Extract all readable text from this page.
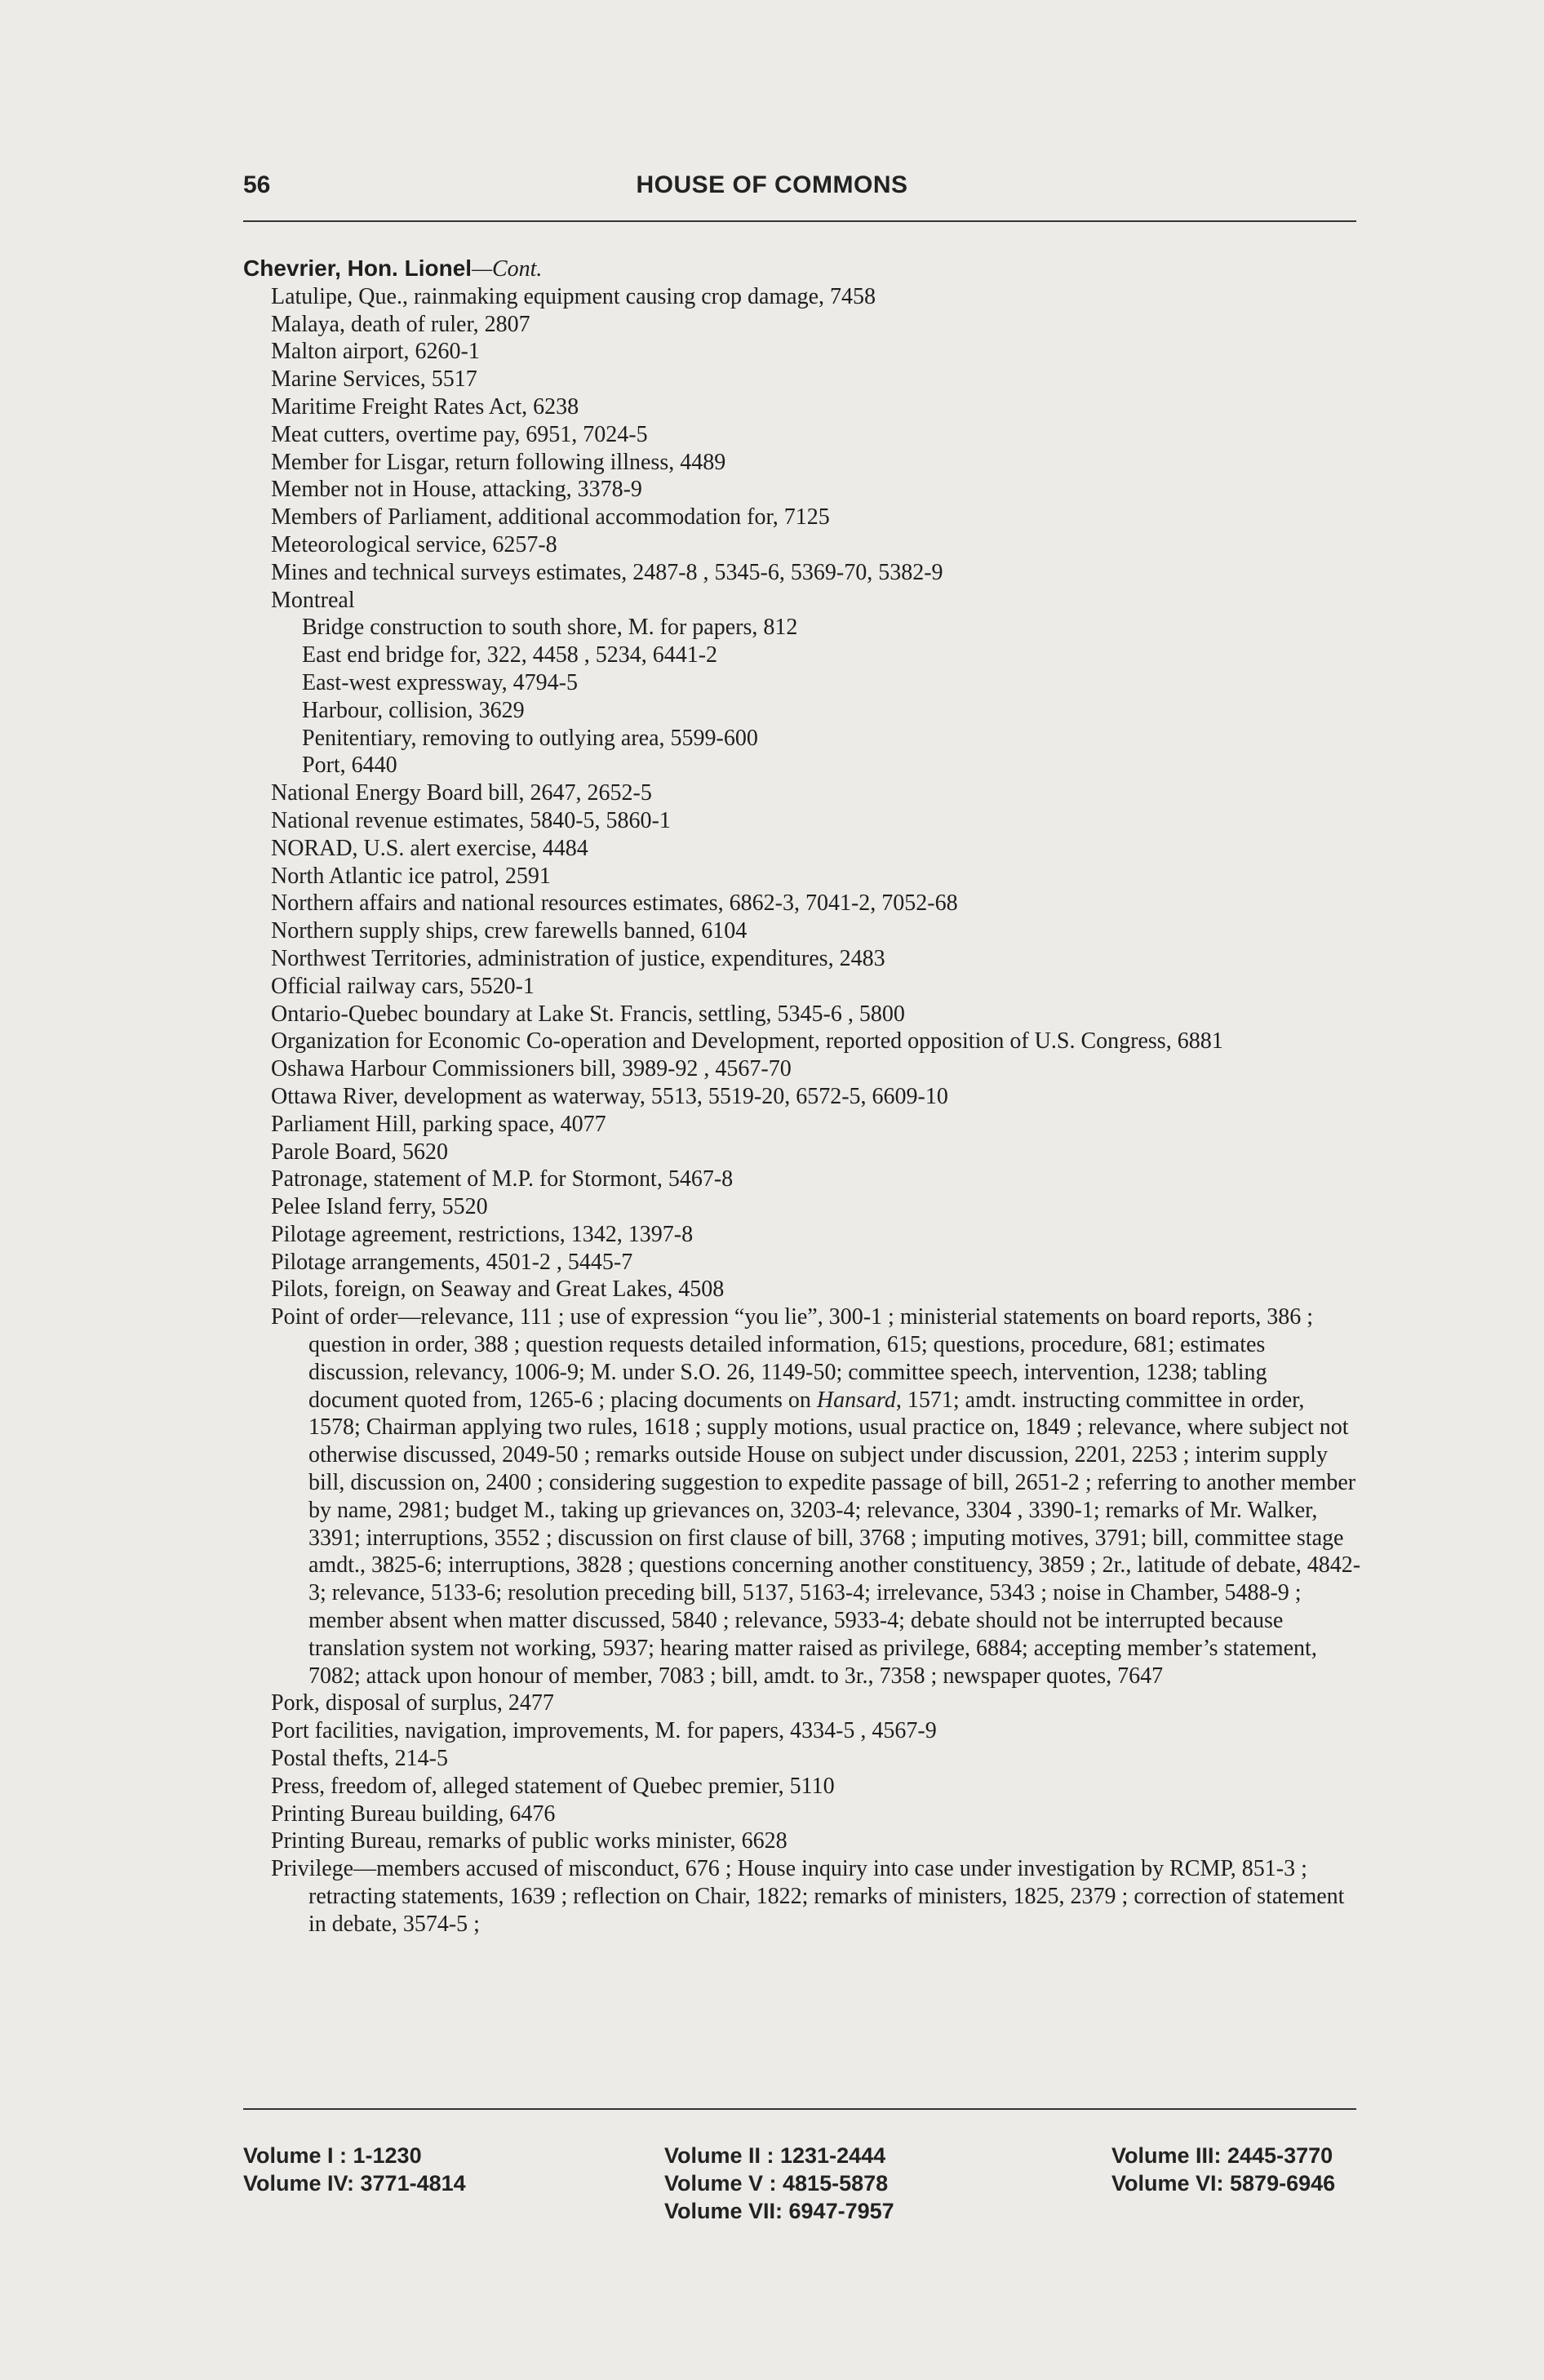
56	HOUSE OF COMMONS

Chevrier, Hon. Lionel—Cont.

Latulipe, Que., rainmaking equipment causing crop damage, 7458
Malaya, death of ruler, 2807
Malton airport, 6260-1
Marine Services, 5517
Maritime Freight Rates Act, 6238
Meat cutters, overtime pay, 6951, 7024-5
Member for Lisgar, return following illness, 4489
Member not in House, attacking, 3378-9
Members of Parliament, additional accommodation for, 7125
Meteorological service, 6257-8
Mines and technical surveys estimates, 2487-8 , 5345-6, 5369-70, 5382-9
Montreal
Bridge construction to south shore, M. for papers, 812
East end bridge for, 322, 4458 , 5234, 6441-2
East-west expressway, 4794-5
Harbour, collision, 3629
Penitentiary, removing to outlying area, 5599-600
Port, 6440
National Energy Board bill, 2647, 2652-5
National revenue estimates, 5840-5, 5860-1
NORAD, U.S. alert exercise, 4484
North Atlantic ice patrol, 2591
Northern affairs and national resources estimates, 6862-3, 7041-2, 7052-68
Northern supply ships, crew farewells banned, 6104
Northwest Territories, administration of justice, expenditures, 2483
Official railway cars, 5520-1
Ontario-Quebec boundary at Lake St. Francis, settling, 5345-6 , 5800
Organization for Economic Co-operation and Development, reported opposition of U.S. Congress, 6881
Oshawa Harbour Commissioners bill, 3989-92 , 4567-70
Ottawa River, development as waterway, 5513, 5519-20, 6572-5, 6609-10
Parliament Hill, parking space, 4077
Parole Board, 5620
Patronage, statement of M.P. for Stormont, 5467-8
Pelee Island ferry, 5520
Pilotage agreement, restrictions, 1342, 1397-8
Pilotage arrangements, 4501-2 , 5445-7
Pilots, foreign, on Seaway and Great Lakes, 4508
Point of order—relevance, 111 ; use of expression “you lie”, 300-1 ; ministerial statements on board reports, 386 ; question in order, 388 ; question requests detailed information, 615; questions, procedure, 681; estimates discussion, relevancy, 1006-9; M. under S.O. 26, 1149-50; committee speech, intervention, 1238; tabling document quoted from, 1265-6 ; placing documents on Hansard, 1571; amdt. instructing committee in order, 1578; Chairman applying two rules, 1618 ; supply motions, usual practice on, 1849 ; relevance, where subject not otherwise discussed, 2049-50 ; remarks outside House on subject under discussion, 2201, 2253 ; interim supply bill, discussion on, 2400 ; considering suggestion to expedite passage of bill, 2651-2 ; referring to another member by name, 2981; budget M., taking up grievances on, 3203-4; relevance, 3304 , 3390-1; remarks of Mr. Walker, 3391; interruptions, 3552 ; discussion on first clause of bill, 3768 ; imputing motives, 3791; bill, committee stage amdt., 3825-6; interruptions, 3828 ; questions concerning another constituency, 3859 ; 2r., latitude of debate, 4842-3; relevance, 5133-6; resolution preceding bill, 5137, 5163-4; irrelevance, 5343 ; noise in Chamber, 5488-9 ; member absent when matter discussed, 5840 ; relevance, 5933-4; debate should not be interrupted because translation system not working, 5937; hearing matter raised as privilege, 6884; accepting member’s statement, 7082; attack upon honour of member, 7083 ; bill, amdt. to 3r., 7358 ; newspaper quotes, 7647
Pork, disposal of surplus, 2477
Port facilities, navigation, improvements, M. for papers, 4334-5 , 4567-9
Postal thefts, 214-5
Press, freedom of, alleged statement of Quebec premier, 5110
Printing Bureau building, 6476
Printing Bureau, remarks of public works minister, 6628
Privilege—members accused of misconduct, 676 ; House inquiry into case under investigation by RCMP, 851-3 ; retracting statements, 1639 ; reflection on Chair, 1822; remarks of ministers, 1825, 2379 ; correction of statement in debate, 3574-5 ;
Volume I : 1-1230
Volume IV: 3771-4814
Volume II : 1231-2444
Volume V : 4815-5878
Volume VII: 6947-7957
Volume III: 2445-3770
Volume VI: 5879-6946
